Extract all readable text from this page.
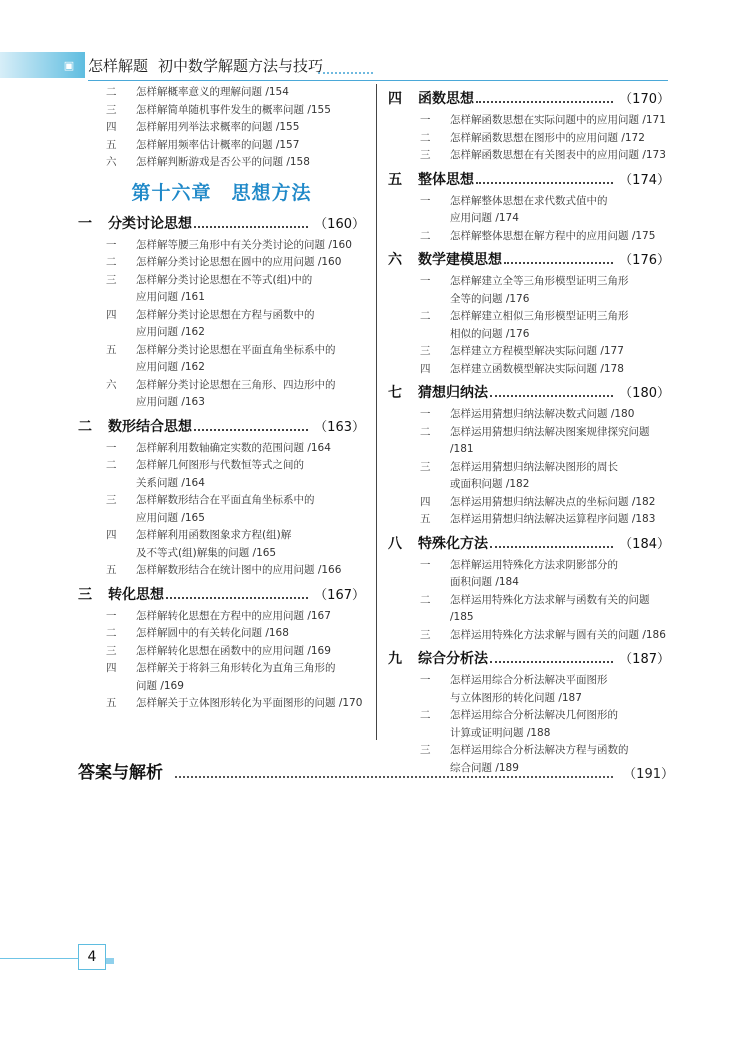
▣ 怎样解题 初中数学解题方法与技巧
二	怎样解概率意义的理解问题 /154
三	怎样解简单随机事件发生的概率问题 /155
四	怎样解用列举法求概率的问题 /155
五	怎样解用频率估计概率的问题 /157
六	怎样解判断游戏是否公平的问题 /158
第十六章　思想方法
一	分类讨论思想	（160）
一	怎样解等腰三角形中有关分类讨论的问题 /160
二	怎样解分类讨论思想在圆中的应用问题 /160
三	怎样解分类讨论思想在不等式(组)中的
应用问题 /161
四	怎样解分类讨论思想在方程与函数中的
应用问题 /162
五	怎样解分类讨论思想在平面直角坐标系中的
应用问题 /162
六	怎样解分类讨论思想在三角形、四边形中的
应用问题 /163
二	数形结合思想	（163）
一	怎样解利用数轴确定实数的范围问题 /164
二	怎样解几何图形与代数恒等式之间的
关系问题 /164
三	怎样解数形结合在平面直角坐标系中的
应用问题 /165
四	怎样解利用函数图象求方程(组)解
及不等式(组)解集的问题 /165
五	怎样解数形结合在统计图中的应用问题 /166
三	转化思想	（167）
一	怎样解转化思想在方程中的应用问题 /167
二	怎样解圆中的有关转化问题 /168
三	怎样解转化思想在函数中的应用问题 /169
四	怎样解关于将斜三角形转化为直角三角形的
问题 /169
五	怎样解关于立体图形转化为平面图形的问题 /170
四	函数思想	（170）
一	怎样解函数思想在实际问题中的应用问题 /171
二	怎样解函数思想在图形中的应用问题 /172
三	怎样解函数思想在有关图表中的应用问题 /173
五	整体思想	（174）
一	怎样解整体思想在求代数式值中的
应用问题 /174
二	怎样解整体思想在解方程中的应用问题 /175
六	数学建模思想	（176）
一	怎样解建立全等三角形模型证明三角形
全等的问题 /176
二	怎样解建立相似三角形模型证明三角形
相似的问题 /176
三	怎样建立方程模型解决实际问题 /177
四	怎样建立函数模型解决实际问题 /178
七	猜想归纳法	（180）
一	怎样运用猜想归纳法解决数式问题 /180
二	怎样运用猜想归纳法解决图案规律探究问题 /181
三	怎样运用猜想归纳法解决图形的周长
或面积问题 /182
四	怎样运用猜想归纳法解决点的坐标问题 /182
五	怎样运用猜想归纳法解决运算程序问题 /183
八	特殊化方法	（184）
一	怎样解运用特殊化方法求阴影部分的
面积问题 /184
二	怎样运用特殊化方法求解与函数有关的问题 /185
三	怎样运用特殊化方法求解与圆有关的问题 /186
九	综合分析法	（187）
一	怎样运用综合分析法解决平面图形
与立体图形的转化问题 /187
二	怎样运用综合分析法解决几何图形的
计算或证明问题 /188
三	怎样运用综合分析法解决方程与函数的
综合问题 /189
答案与解析	（191）
4
